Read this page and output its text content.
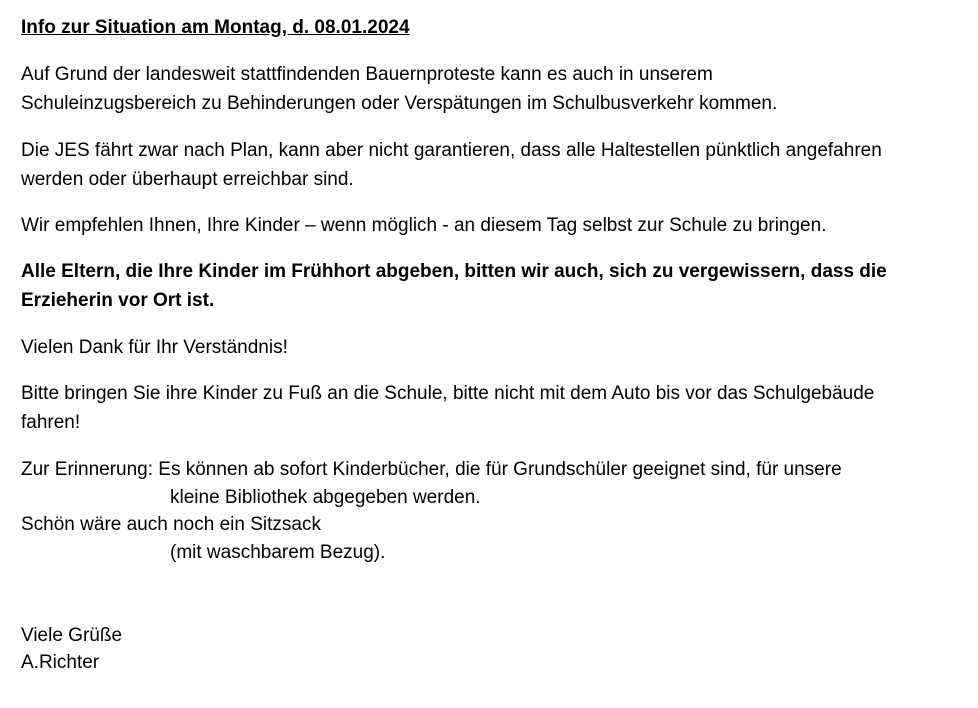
Info zur Situation am Montag, d. 08.01.2024
Auf Grund der landesweit stattfindenden Bauernproteste kann es auch in unserem
Schuleinzugsbereich zu Behinderungen oder Verspätungen im Schulbusverkehr kommen.
Die JES fährt zwar nach Plan, kann aber nicht garantieren, dass alle Haltestellen pünktlich angefahren
werden oder überhaupt erreichbar sind.
Wir empfehlen Ihnen, Ihre Kinder – wenn möglich - an diesem Tag selbst zur Schule zu bringen.
Alle Eltern, die Ihre Kinder im Frühhort abgeben, bitten wir auch, sich zu vergewissern, dass die
Erzieherin vor Ort ist.
Vielen Dank für Ihr Verständnis!
Bitte bringen Sie ihre Kinder zu Fuß an die Schule, bitte nicht mit dem Auto bis vor das Schulgebäude
fahren!
Zur Erinnerung: Es können ab sofort Kinderbücher, die für Grundschüler geeignet sind, für unsere
kleine Bibliothek abgegeben werden.
Schön wäre auch noch ein Sitzsack
(mit waschbarem Bezug).
Viele Grüße
A.Richter
